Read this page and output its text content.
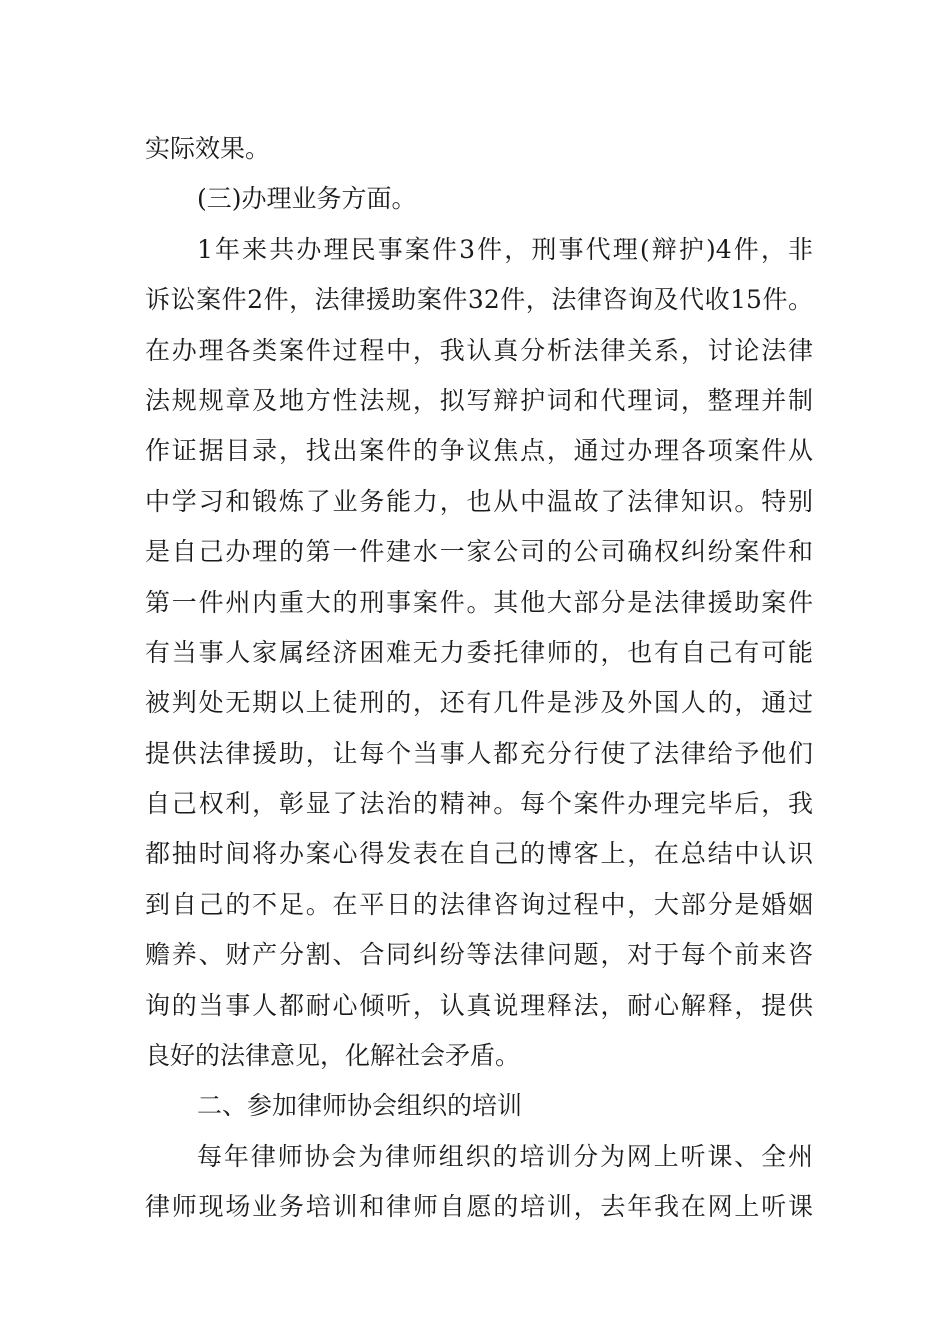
实际效果。
(三)办理业务方面。
1年来共办理民事案件3件，刑事代理(辩护)4件，非
诉讼案件2件，法律援助案件32件，法律咨询及代收15件。
在办理各类案件过程中，我认真分析法律关系，讨论法律
法规规章及地方性法规，拟写辩护词和代理词，整理并制
作证据目录，找出案件的争议焦点，通过办理各项案件从
中学习和锻炼了业务能力，也从中温故了法律知识。特别
是自己办理的第一件建水一家公司的公司确权纠纷案件和
第一件州内重大的刑事案件。其他大部分是法律援助案件
有当事人家属经济困难无力委托律师的，也有自己有可能
被判处无期以上徒刑的，还有几件是涉及外国人的，通过
提供法律援助，让每个当事人都充分行使了法律给予他们
自己权利，彰显了法治的精神。每个案件办理完毕后，我
都抽时间将办案心得发表在自己的博客上，在总结中认识
到自己的不足。在平日的法律咨询过程中，大部分是婚姻
赡养、财产分割、合同纠纷等法律问题，对于每个前来咨
询的当事人都耐心倾听，认真说理释法，耐心解释，提供
良好的法律意见，化解社会矛盾。
二、参加律师协会组织的培训
每年律师协会为律师组织的培训分为网上听课、全州
律师现场业务培训和律师自愿的培训，去年我在网上听课
